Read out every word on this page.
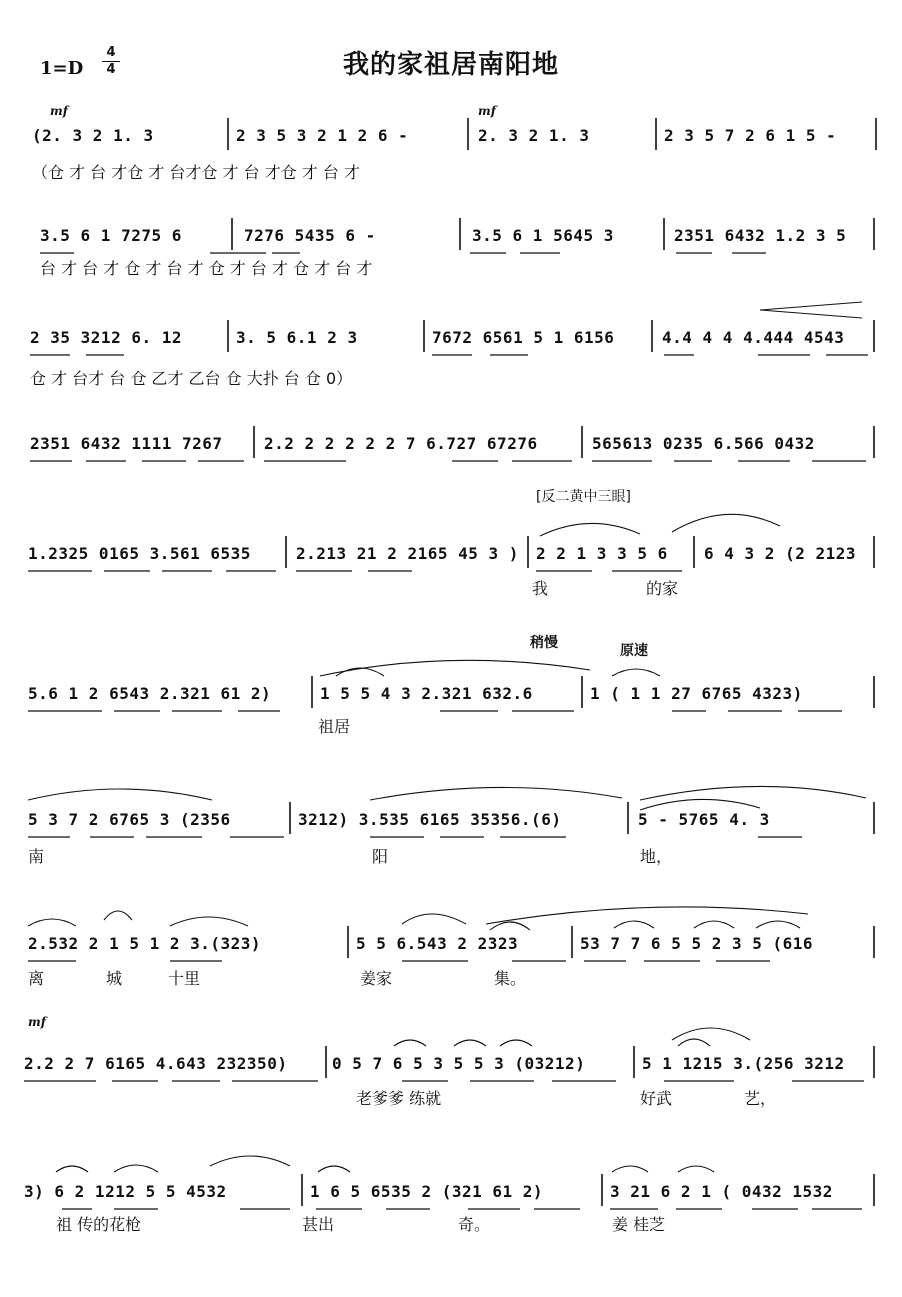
我的家祖居南阳地
1=D
4
4
mf	mf
mf
(2. 3 2 1. 3	2 3 5 3 2 1 2 6 -	2. 3 2 1. 3	2 3 5 7 2 6 1 5 -
（仓 才 台 才仓 才 台才仓 才 台 才仓 才 台 才
3.5 6 1 7275 6	7276 5435 6 -	3.5 6 1 5645 3	2351 6432 1.2 3 5
台 才 台 才 仓 才 台 才 仓 才 台 才 仓 才 台 才
2 35 3212 6. 12	3. 5 6.1 2 3	7672 6561 5 1 6156	4.4 4 4 4.444 4543
仓 才 台才 台 仓 乙才 乙台 仓 大扑 台 仓 0）
2351 6432 1111 7267	2.2 2 2 2 2 2 7 6.727 67276	565613 0235 6.566 0432
[反二黄中三眼]
1.2325 0165 3.561 6535	2.213 21 2 2165 45 3 ) 2 2 1 3 3 5 6 6 4 3 2 (2 2123
我	的家
稍慢	原速
5.6 1 2 6543 2.321 61 2)	1 5 5 4 3 2.321 632.6	1 ( 1 1 27 6765 4323)
祖居
5 3 7 2 6765 3 (2356	3212) 3.535 6165 35356.(6)	5 - 5765 4. 3
南	阳	地，
2.532 2 1 5 1 2 3.(323)	5 5 6.543 2 2323	53 7 7 6 5 5 2 3 5 (616
离	城	十里	姜家	集。
2.2 2 7 6165 4.643 232350)	0 5 7 6 5 3 5 5 3 (03212)	5 1 1215 3.(256 3212
老爹爹 练就	好武	艺，
3) 6 2 1212 5 5 4532	1 6 5 6535 2 (321 61 2)	3 21 6 2 1 ( 0432 1532
祖 传的花枪	甚出	奇。	姜 桂芝
